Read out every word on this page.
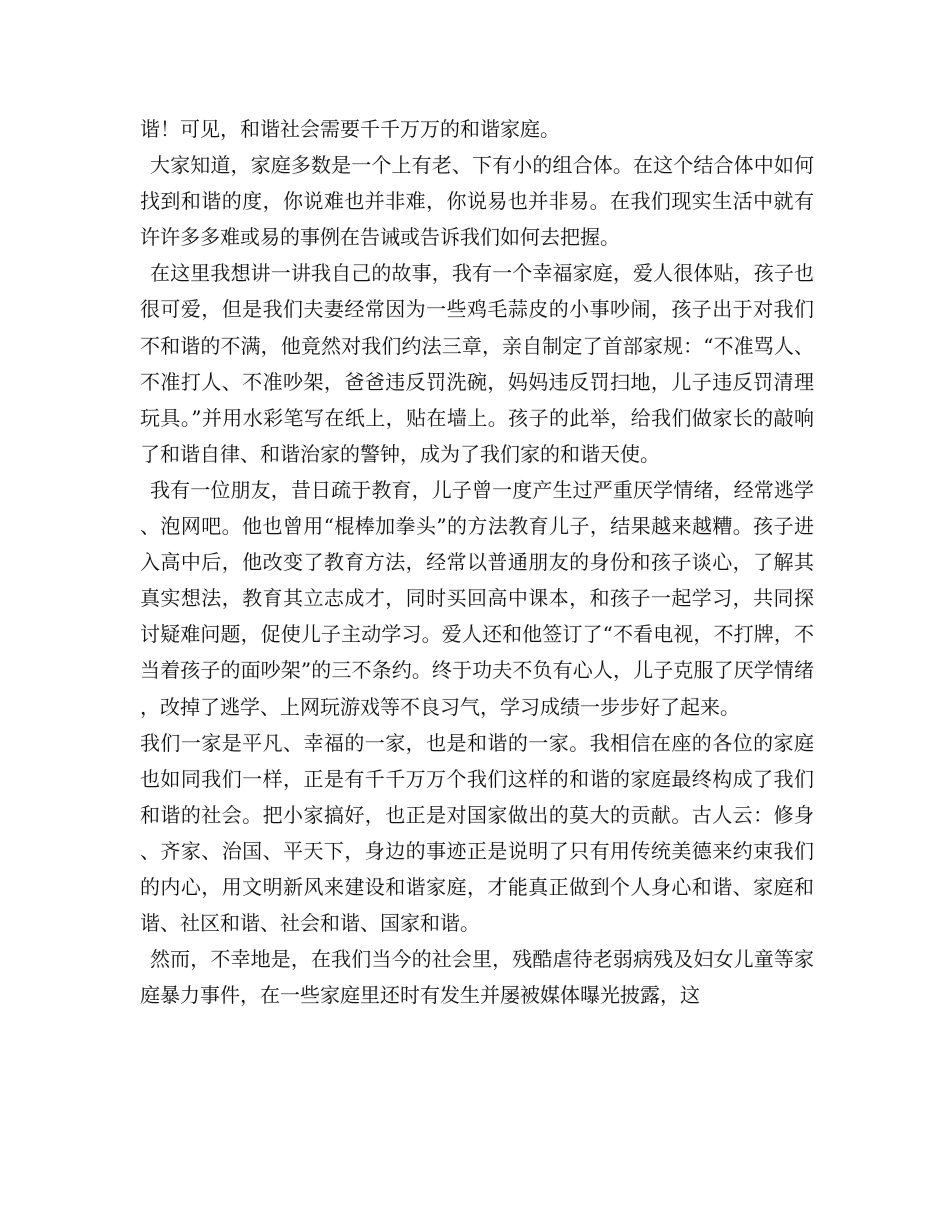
谐！可见，和谐社会需要千千万万的和谐家庭。

大家知道，家庭多数是一个上有老、下有小的组合体。在这个结合体中如何找到和谐的度，你说难也并非难，你说易也并非易。在我们现实生活中就有许许多多难或易的事例在告诫或告诉我们如何去把握。

在这里我想讲一讲我自己的故事，我有一个幸福家庭，爱人很体贴，孩子也很可爱，但是我们夫妻经常因为一些鸡毛蒜皮的小事吵闹，孩子出于对我们不和谐的不满，他竟然对我们约法三章，亲自制定了首部家规：“不准骂人、不准打人、不准吵架，爸爸违反罚洗碗，妈妈违反罚扫地，儿子违反罚清理玩具。”并用水彩笔写在纸上，贴在墙上。孩子的此举，给我们做家长的敲响了和谐自律、和谐治家的警钟，成为了我们家的和谐天使。

我有一位朋友，昔日疏于教育，儿子曾一度产生过严重厌学情绪，经常逃学、泡网吧。他也曾用“棍棒加拳头”的方法教育儿子，结果越来越糟。孩子进入高中后，他改变了教育方法，经常以普通朋友的身份和孩子谈心，了解其真实想法，教育其立志成才，同时买回高中课本，和孩子一起学习，共同探讨疑难问题，促使儿子主动学习。爱人还和他签订了“不看电视，不打牌，不当着孩子的面吵架”的三不条约。终于功夫不负有心人，儿子克服了厌学情绪，改掉了逃学、上网玩游戏等不良习气，学习成绩一步步好了起来。

我们一家是平凡、幸福的一家，也是和谐的一家。我相信在座的各位的家庭也如同我们一样，正是有千千万万个我们这样的和谐的家庭最终构成了我们和谐的社会。把小家搞好，也正是对国家做出的莫大的贡献。古人云：修身、齐家、治国、平天下，身边的事迹正是说明了只有用传统美德来约束我们的内心，用文明新风来建设和谐家庭，才能真正做到个人身心和谐、家庭和谐、社区和谐、社会和谐、国家和谐。

然而，不幸地是，在我们当今的社会里，残酷虐待老弱病残及妇女儿童等家庭暴力事件，在一些家庭里还时有发生并屡被媒体曝光披露，这
